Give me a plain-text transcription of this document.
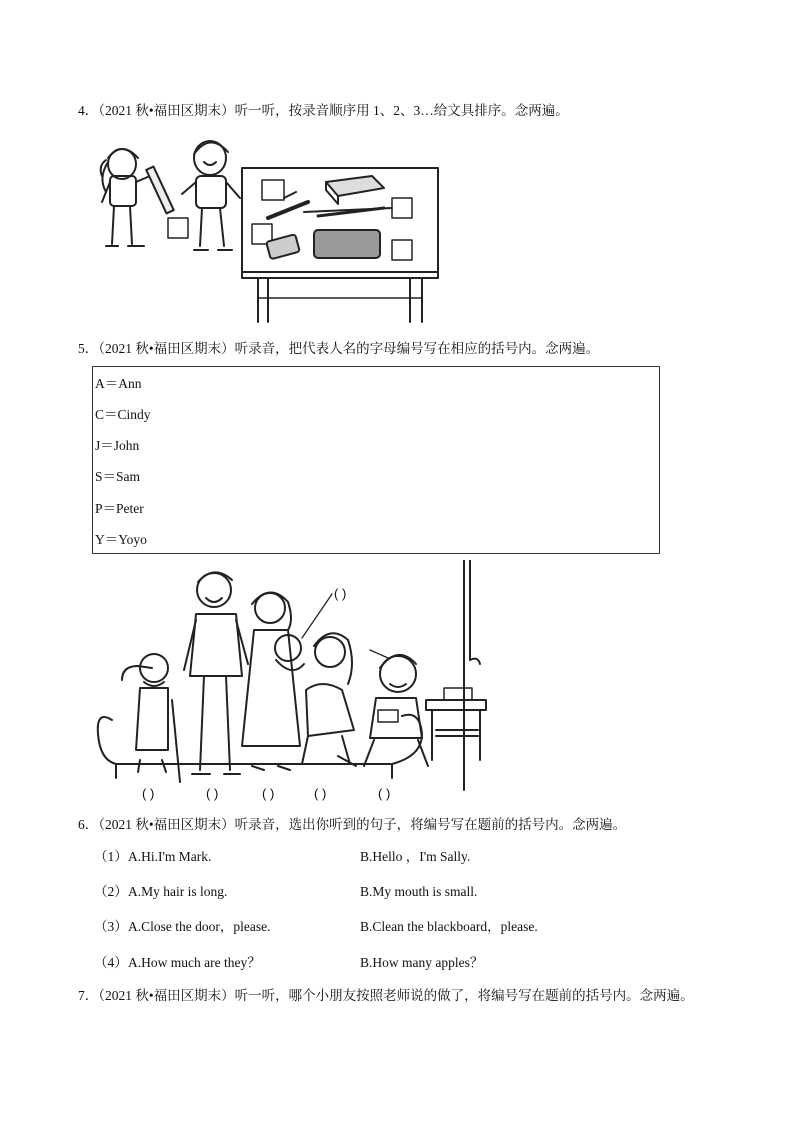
4．（2021 秋•福田区期末）听一听，按录音顺序用 1、2、3…给文具排序。念两遍。
5．（2021 秋•福田区期末）听录音，把代表人名的字母编号写在相应的括号内。念两遍。
A＝Ann
C＝Cindy
J＝John
S＝Sam
P＝Peter
Y＝Yoyo
( )
( )	( )	( )	( )	( )
6．（2021 秋•福田区期末）听录音，选出你听到的句子，将编号写在题前的括号内。念两遍。
（1） A.Hi.I'm Mark.	B.Hello ，I'm Sally.
（2） A.My hair is long.	B.My mouth is small.
（3） A.Close the door，please.	B.Clean the blackboard，please.
（4） A.How much are they？	B.How many apples？
7．（2021 秋•福田区期末）听一听，哪个小朋友按照老师说的做了，将编号写在题前的括号内。念两遍。
